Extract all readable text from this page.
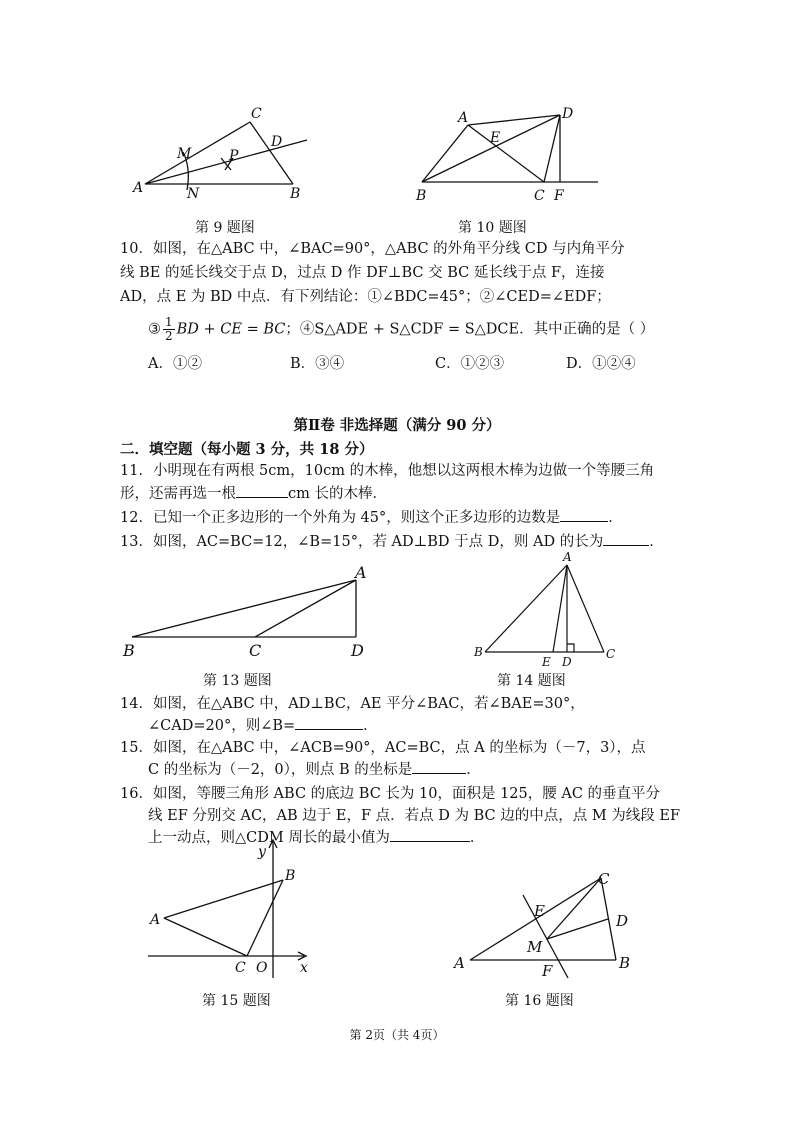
A
C
D
M	P
N	B
第 9 题图
A	D
E
B	C F
第 10 题图
10．如图，在△ABC 中，∠BAC=90°，△ABC 的外角平分线 CD 与内角平分
线 BE 的延长线交于点 D，过点 D 作 DF⊥BC 交 BC 延长线于点 F，连接
AD，点 E 为 BD 中点．有下列结论：①∠BDC=45°；②∠CED=∠EDF；
③ $\frac{1}{2}$ BD + CE = BC；④S△ADE + S△CDF = S△DCE．其中正确的是（ ）
A．①②	B．③④	C．①②③	D．①②④
第Ⅱ卷 非选择题（满分 90 分）
二．填空题（每小题 3 分，共 18 分）
11．小明现在有两根 5cm，10cm 的木棒，他想以这两根木棒为边做一个等腰三角
形，还需再选一根	cm 长的木棒．
12．已知一个正多边形的一个外角为 45°，则这个正多边形的边数是	．
13．如图，AC=BC=12，∠B=15°，若 AD⊥BD 于点 D，则 AD 的长为	．
A
B	C	D
第 13 题图
A
B
E D
C
第 14 题图
14．如图，在△ABC 中，AD⊥BC，AE 平分∠BAC，若∠BAE=30°，
∠CAD=20°，则∠B=	．
15．如图，在△ABC 中，∠ACB=90°，AC=BC，点 A 的坐标为（－7，3），点
C 的坐标为（－2，0），则点 B 的坐标是	．
16．如图，等腰三角形 ABC 的底边 BC 长为 10，面积是 125，腰 AC 的垂直平分
线 EF 分别交 AC，AB 边于 E，F 点．若点 D 为 BC 边的中点，点 M 为线段 EF
上一动点，则△CDM 周长的最小值为	．
y
B
A
C O x
第 15 题图
C
E
D
M
A	F	B
第 16 题图
第 2页（共 4页）
